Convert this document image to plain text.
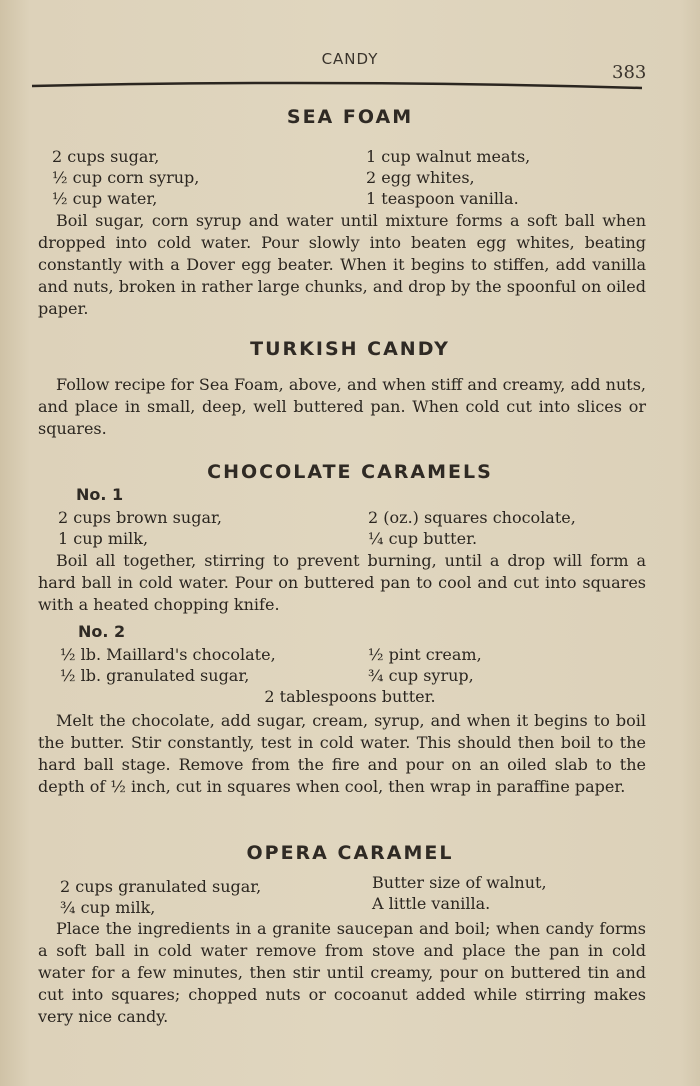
CANDY
383
SEA FOAM
2 cups sugar,
½ cup corn syrup,
½ cup water,
1 cup walnut meats,
2 egg whites,
1 teaspoon vanilla.
Boil sugar, corn syrup and water until mixture forms a soft ball when dropped into cold water. Pour slowly into beaten egg whites, beating constantly with a Dover egg beater. When it begins to stiffen, add vanilla and nuts, broken in rather large chunks, and drop by the spoonful on oiled paper.
TURKISH CANDY
Follow recipe for Sea Foam, above, and when stiff and creamy, add nuts, and place in small, deep, well buttered pan. When cold cut into slices or squares.
CHOCOLATE CARAMELS
No. 1
2 cups brown sugar,
1 cup milk,
2 (oz.) squares chocolate,
¼ cup butter.
Boil all together, stirring to prevent burning, until a drop will form a hard ball in cold water. Pour on buttered pan to cool and cut into squares with a heated chopping knife.
No. 2
½ lb. Maillard's chocolate,
½ lb. granulated sugar,
½ pint cream,
¾ cup syrup,
2 tablespoons butter.
Melt the chocolate, add sugar, cream, syrup, and when it begins to boil the butter. Stir constantly, test in cold water. This should then boil to the hard ball stage. Remove from the fire and pour on an oiled slab to the depth of ½ inch, cut in squares when cool, then wrap in paraffine paper.
OPERA CARAMEL
2 cups granulated sugar,
¾ cup milk,
Butter size of walnut,
A little vanilla.
Place the ingredients in a granite saucepan and boil; when candy forms a soft ball in cold water remove from stove and place the pan in cold water for a few minutes, then stir until creamy, pour on buttered tin and cut into squares; chopped nuts or cocoanut added while stirring makes very nice candy.
